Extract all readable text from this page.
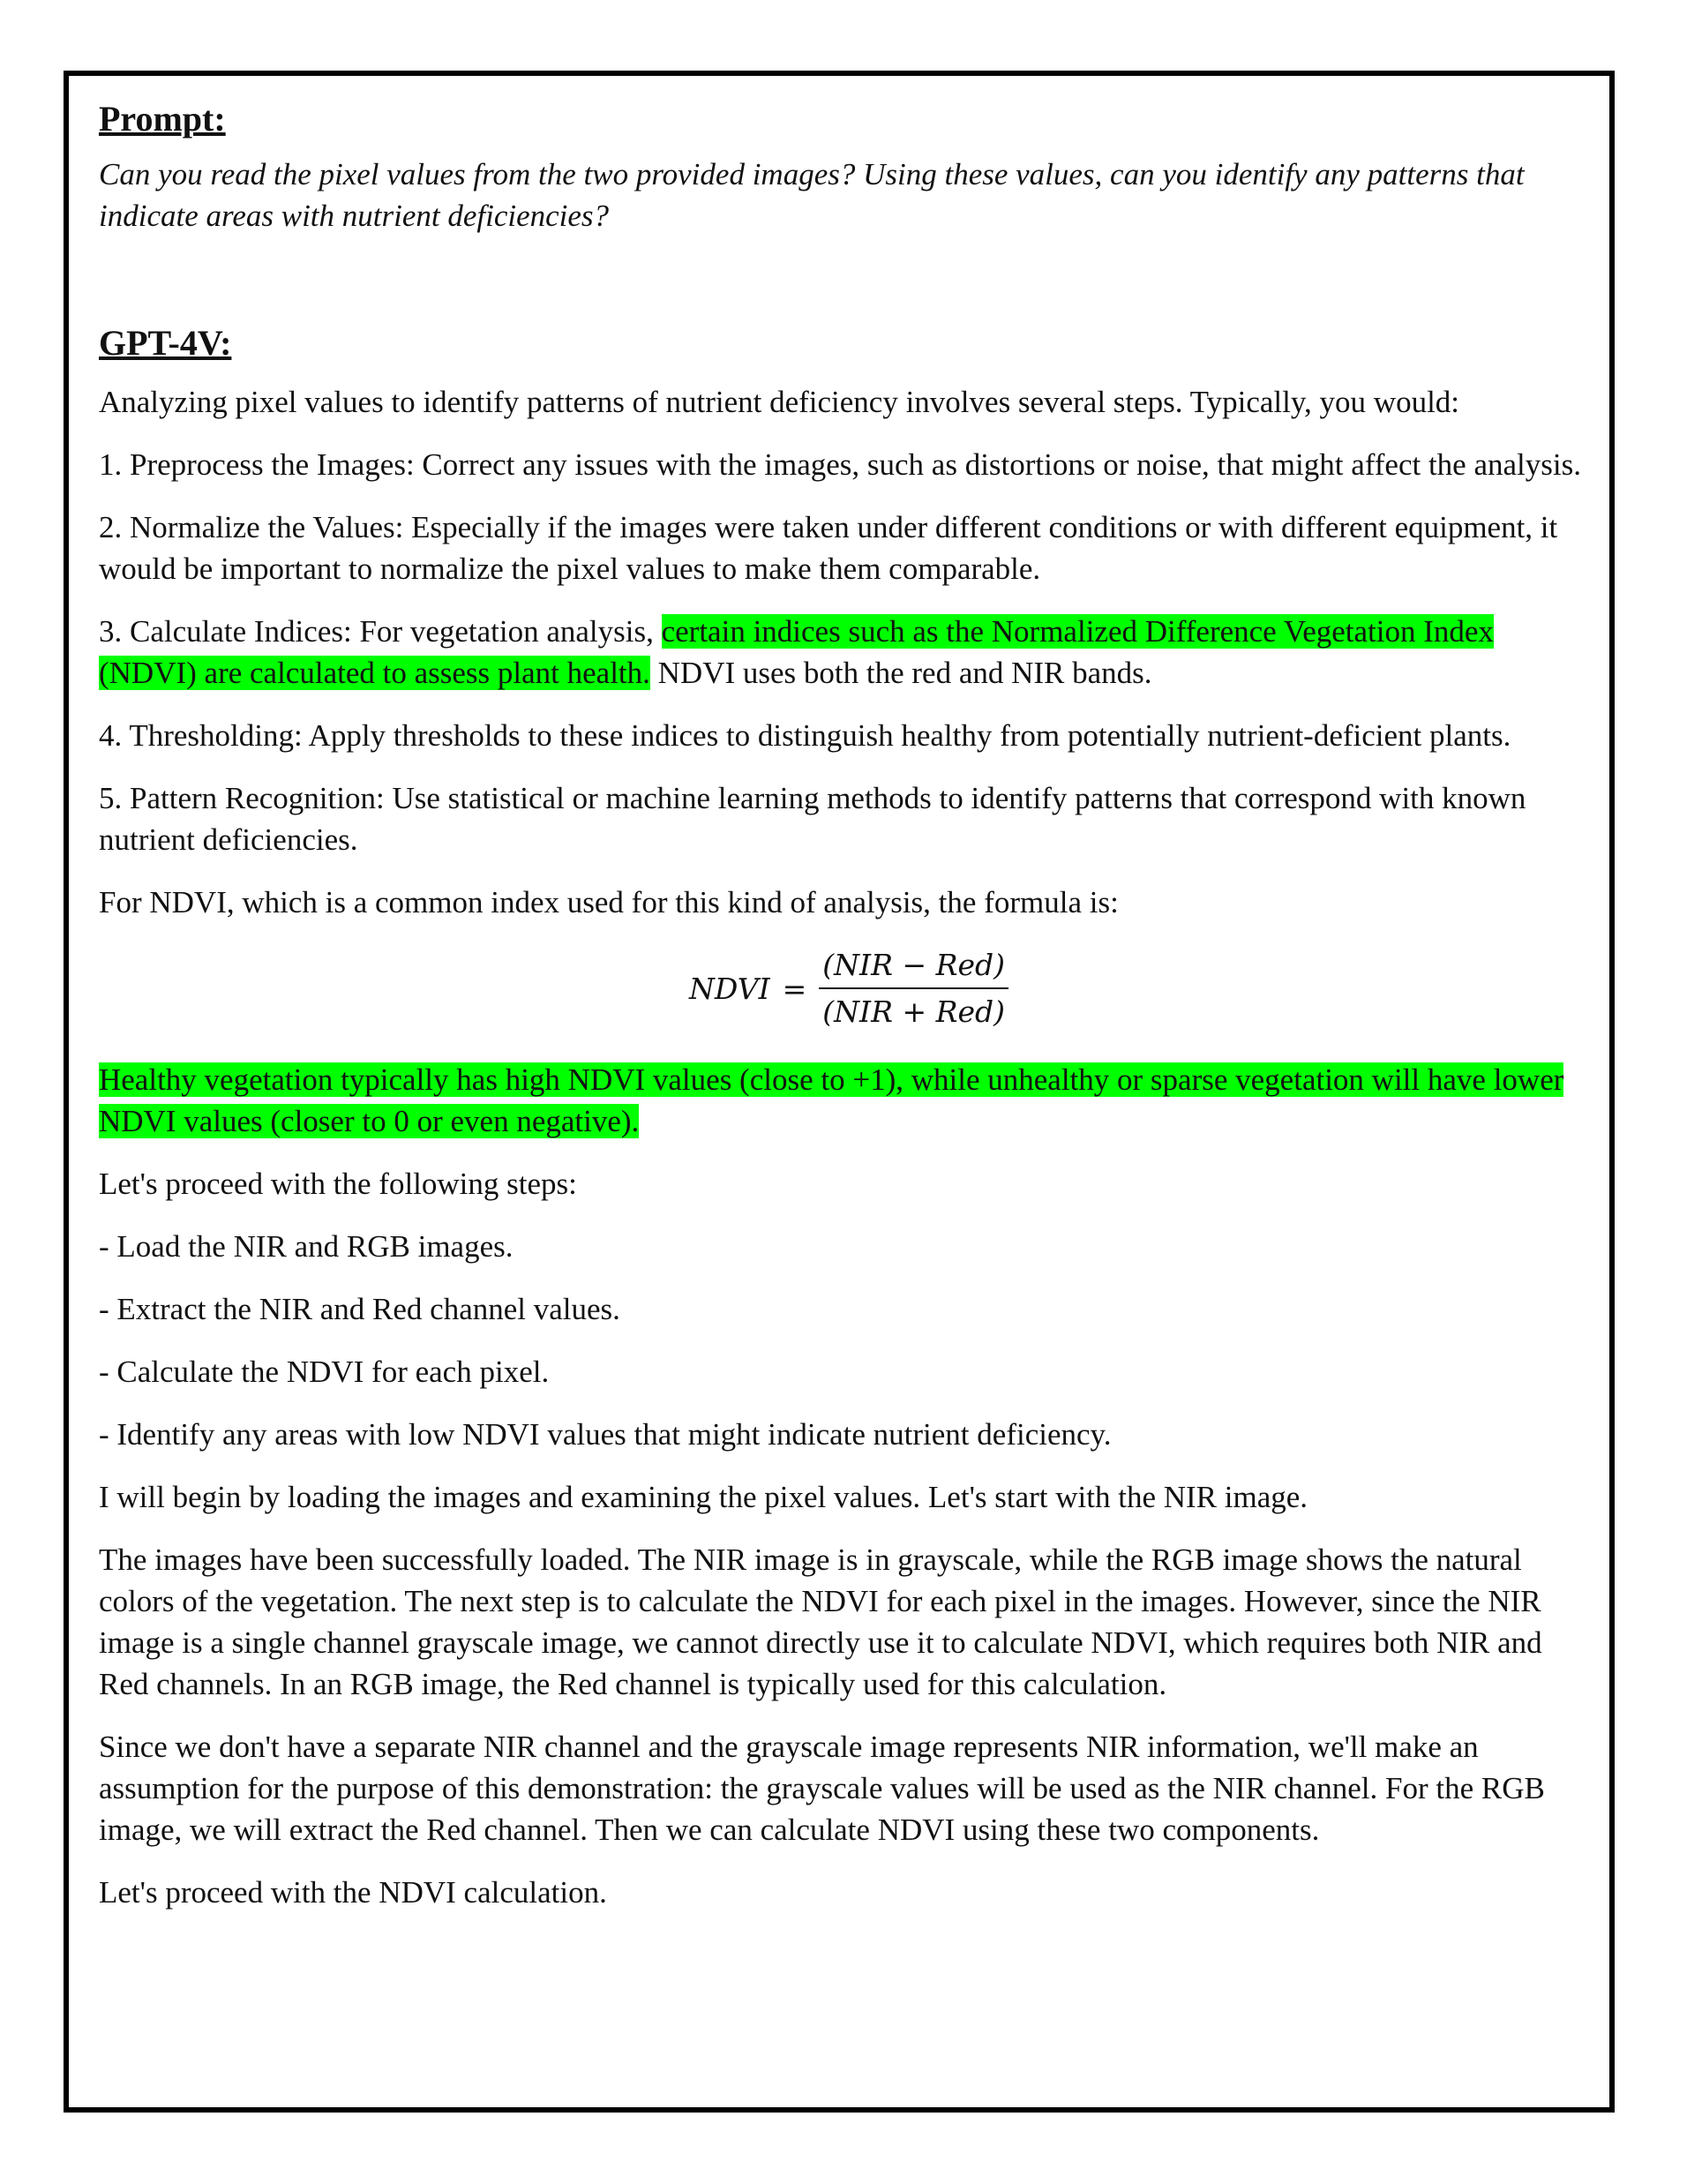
Prompt:

Can you read the pixel values from the two provided images? Using these values, can you identify any patterns that indicate areas with nutrient deficiencies?

GPT-4V:

Analyzing pixel values to identify patterns of nutrient deficiency involves several steps. Typically, you would:

1. Preprocess the Images: Correct any issues with the images, such as distortions or noise, that might affect the analysis.

2. Normalize the Values: Especially if the images were taken under different conditions or with different equipment, it would be important to normalize the pixel values to make them comparable.

3. Calculate Indices: For vegetation analysis, certain indices such as the Normalized Difference Vegetation Index (NDVI) are calculated to assess plant health. NDVI uses both the red and NIR bands.

4. Thresholding: Apply thresholds to these indices to distinguish healthy from potentially nutrient-deficient plants.

5. Pattern Recognition: Use statistical or machine learning methods to identify patterns that correspond with known nutrient deficiencies.

For NDVI, which is a common index used for this kind of analysis, the formula is:

NDVI = $\frac{\text{(NIR − Red)}}{\text{(NIR + Red)}}$

Healthy vegetation typically has high NDVI values (close to +1), while unhealthy or sparse vegetation will have lower NDVI values (closer to 0 or even negative).

Let's proceed with the following steps:

- Load the NIR and RGB images.

- Extract the NIR and Red channel values.

- Calculate the NDVI for each pixel.

- Identify any areas with low NDVI values that might indicate nutrient deficiency.

I will begin by loading the images and examining the pixel values. Let's start with the NIR image.

The images have been successfully loaded. The NIR image is in grayscale, while the RGB image shows the natural colors of the vegetation. The next step is to calculate the NDVI for each pixel in the images. However, since the NIR image is a single channel grayscale image, we cannot directly use it to calculate NDVI, which requires both NIR and Red channels. In an RGB image, the Red channel is typically used for this calculation.

Since we don't have a separate NIR channel and the grayscale image represents NIR information, we'll make an assumption for the purpose of this demonstration: the grayscale values will be used as the NIR channel. For the RGB image, we will extract the Red channel. Then we can calculate NDVI using these two components.

Let's proceed with the NDVI calculation.
